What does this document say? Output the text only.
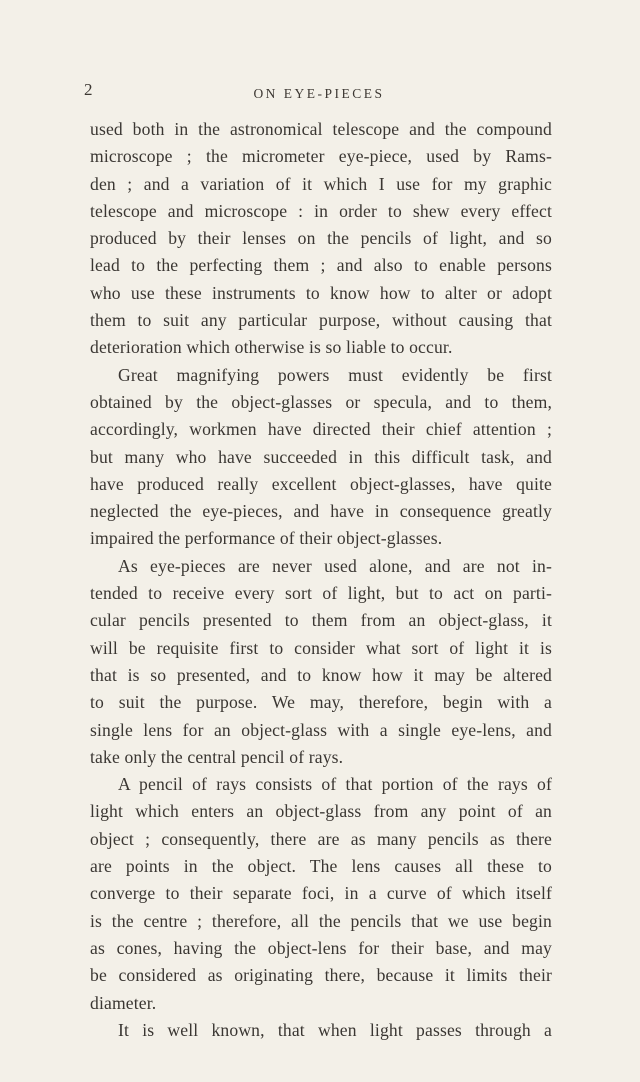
2	ON EYE-PIECES
used both in the astronomical telescope and the compound
microscope ; the micrometer eye-piece, used by Rams-
den ; and a variation of it which I use for my graphic
telescope and microscope : in order to shew every effect
produced by their lenses on the pencils of light, and so
lead to the perfecting them ; and also to enable persons
who use these instruments to know how to alter or adopt
them to suit any particular purpose, without causing that
deterioration which otherwise is so liable to occur.
Great magnifying powers must evidently be first
obtained by the object-glasses or specula, and to them,
accordingly, workmen have directed their chief attention ;
but many who have succeeded in this difficult task, and
have produced really excellent object-glasses, have quite
neglected the eye-pieces, and have in consequence greatly
impaired the performance of their object-glasses.
As eye-pieces are never used alone, and are not in-
tended to receive every sort of light, but to act on parti-
cular pencils presented to them from an object-glass, it
will be requisite first to consider what sort of light it is
that is so presented, and to know how it may be altered
to suit the purpose. We may, therefore, begin with a
single lens for an object-glass with a single eye-lens, and
take only the central pencil of rays.
A pencil of rays consists of that portion of the rays of
light which enters an object-glass from any point of an
object ; consequently, there are as many pencils as there
are points in the object. The lens causes all these to
converge to their separate foci, in a curve of which itself
is the centre ; therefore, all the pencils that we use begin
as cones, having the object-lens for their base, and may
be considered as originating there, because it limits their
diameter.
It is well known, that when light passes through a
